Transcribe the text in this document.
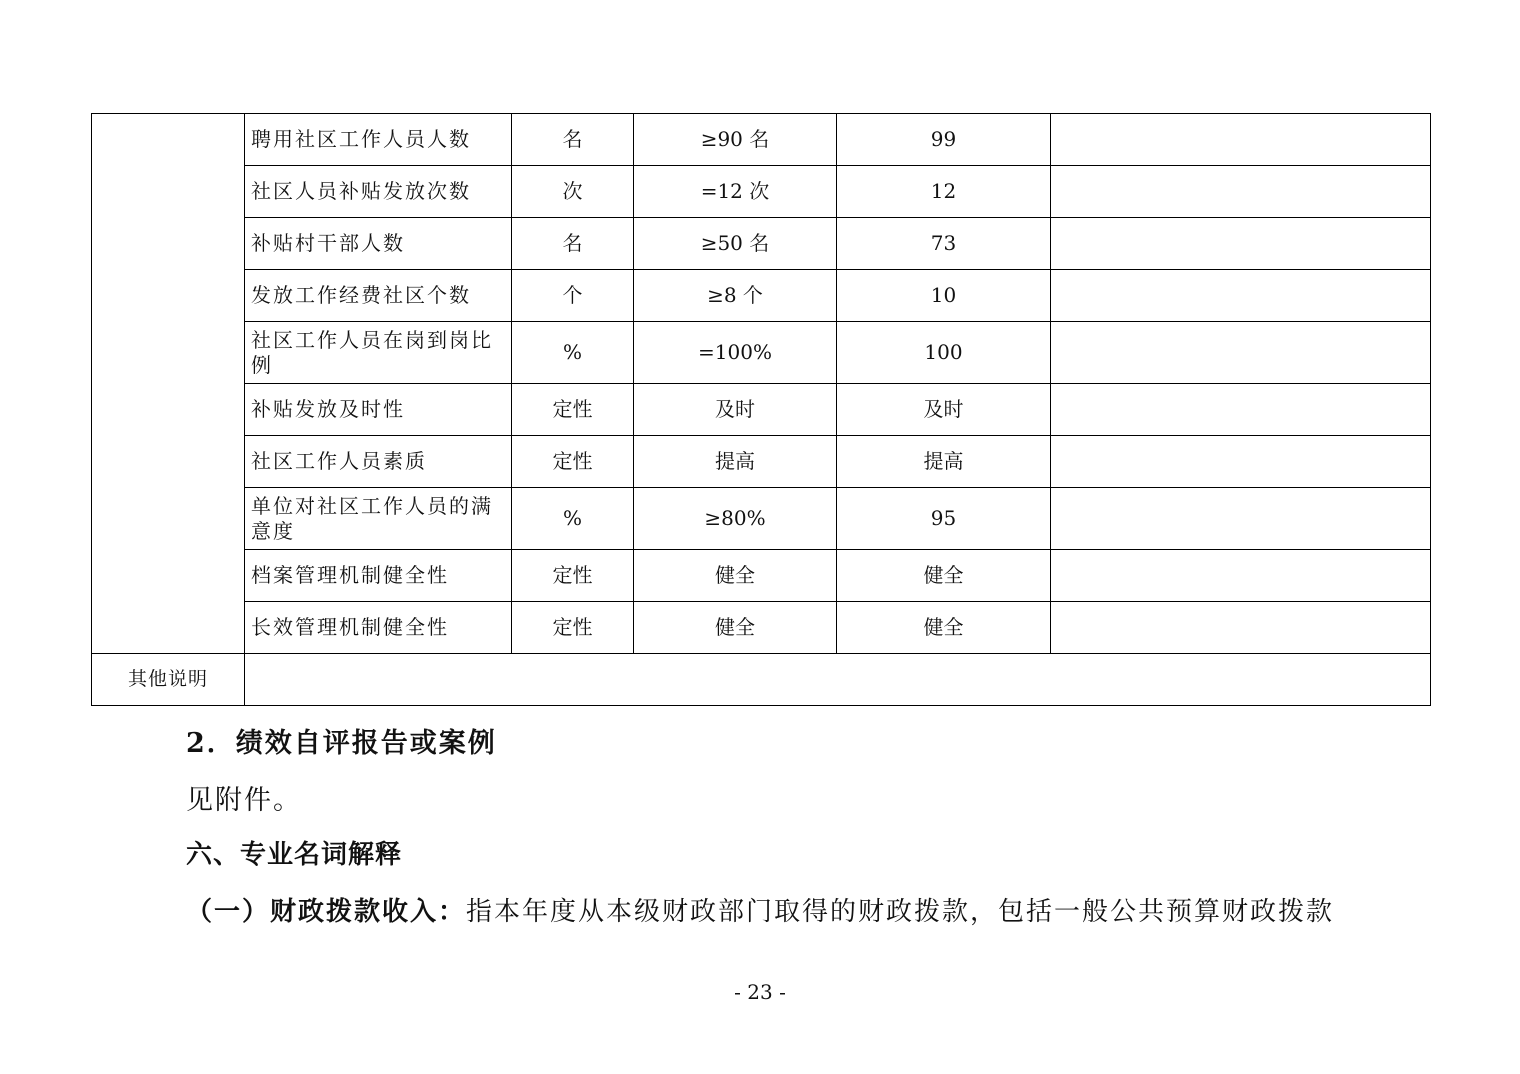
	聘用社区工作人员人数	名	≥90 名	99	
	社区人员补贴发放次数	次	=12 次	12	
	补贴村干部人数	名	≥50 名	73	
	发放工作经费社区个数	个	≥8 个	10	
	社区工作人员在岗到岗比例	%	=100%	100	
	补贴发放及时性	定性	及时	及时	
	社区工作人员素质	定性	提高	提高	
	单位对社区工作人员的满意度	%	≥80%	95	
	档案管理机制健全性	定性	健全	健全	
	长效管理机制健全性	定性	健全	健全	
其他说明					

2．绩效自评报告或案例

见附件。

六、专业名词解释

（一）财政拨款收入：指本年度从本级财政部门取得的财政拨款，包括一般公共预算财政拨款

- 23 -
